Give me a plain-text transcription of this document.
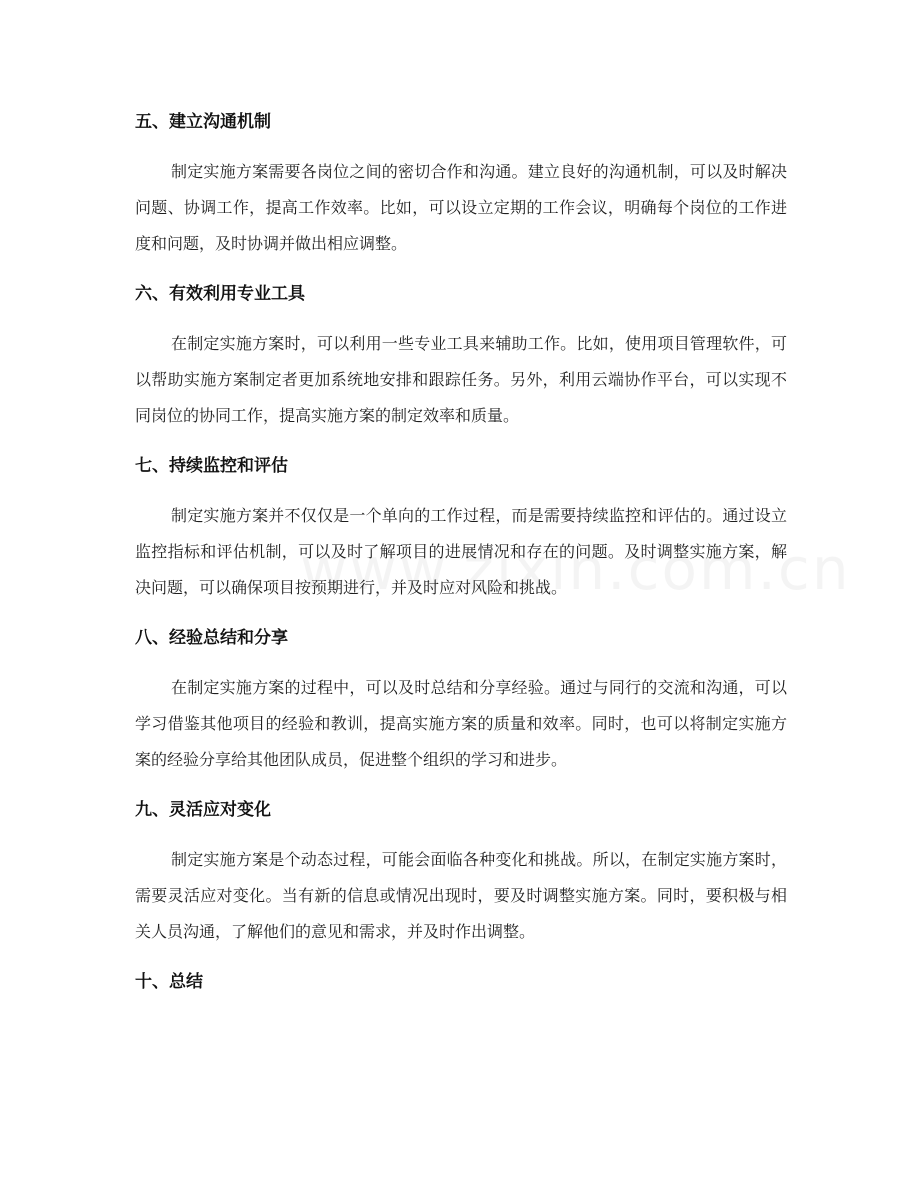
五、建立沟通机制

制定实施方案需要各岗位之间的密切合作和沟通。建立良好的沟通机制，可以及时解决问题、协调工作，提高工作效率。比如，可以设立定期的工作会议，明确每个岗位的工作进度和问题，及时协调并做出相应调整。

六、有效利用专业工具

在制定实施方案时，可以利用一些专业工具来辅助工作。比如，使用项目管理软件，可以帮助实施方案制定者更加系统地安排和跟踪任务。另外，利用云端协作平台，可以实现不同岗位的协同工作，提高实施方案的制定效率和质量。

七、持续监控和评估

制定实施方案并不仅仅是一个单向的工作过程，而是需要持续监控和评估的。通过设立监控指标和评估机制，可以及时了解项目的进展情况和存在的问题。及时调整实施方案，解决问题，可以确保项目按预期进行，并及时应对风险和挑战。

八、经验总结和分享

在制定实施方案的过程中，可以及时总结和分享经验。通过与同行的交流和沟通，可以学习借鉴其他项目的经验和教训，提高实施方案的质量和效率。同时，也可以将制定实施方案的经验分享给其他团队成员，促进整个组织的学习和进步。

九、灵活应对变化

制定实施方案是个动态过程，可能会面临各种变化和挑战。所以，在制定实施方案时，需要灵活应对变化。当有新的信息或情况出现时，要及时调整实施方案。同时，要积极与相关人员沟通，了解他们的意见和需求，并及时作出调整。

十、总结
